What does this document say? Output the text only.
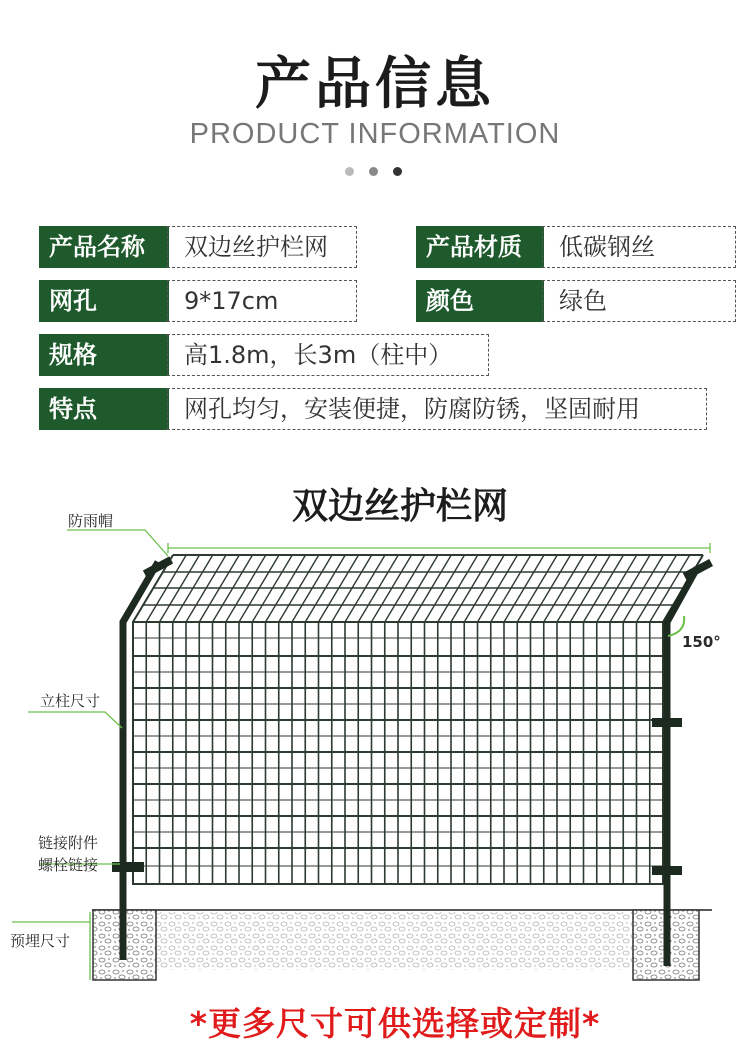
产品信息
PRODUCT INFORMATION
产品名称	双边丝护栏网	产品材质	低碳钢丝
网孔	9*17cm	颜色	绿色
规格	高1.8m，长3m（柱中）
特点	网孔均匀，安装便捷，防腐防锈，坚固耐用
双边丝护栏网
防雨帽
立柱尺寸
链接附件
螺栓链接
预埋尺寸
150°
*更多尺寸可供选择或定制*
